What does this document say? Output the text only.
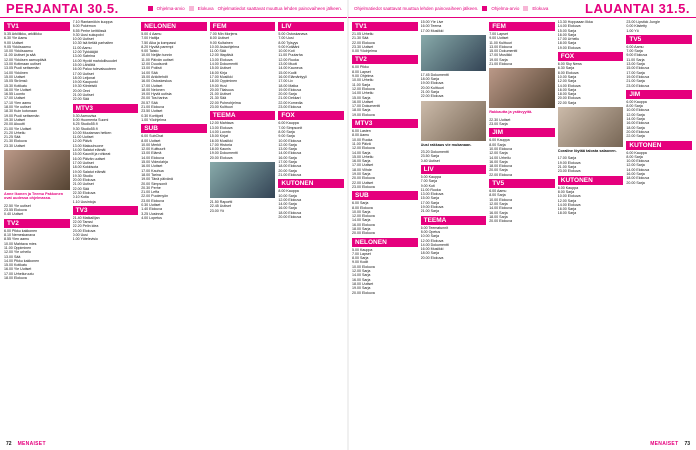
PERJANTAI 30.5.	Ohjelma-arvio	Elokuva Ohjelmatiedot saattavat muuttua lehden painovaiheen jälkeen.
TV1
5.35 Arkiliikku, arkiliikku
6.30 Yle Aamu
9.00 Uutiset
9.05 Ykkösaamu
10.00 Ykkösaamu
11.00 Uutiset ja sää
12.00 Ykkösen aamupäivä
13.00 Kotimaan uutiset
13.05 Puoli seitsemän
14.00 Ykkönen
15.00 Uutiset
15.05 Strömsö
15.30 Kotikatu
16.00 Yle Uutiset
16.55 Luonto
17.00 Uutiset
17.10 Ylen aamu
18.00 Yle uutiset
18.30 Kuin kotonaan
19.00 Puoli seitsemän
19.30 Uutiset
20.00 Akuutti
21.00 Yle Uutiset
21.20 Urheilu
21.25 Sää
21.30 Elokuva
23.30 Uutiset
Anne Ikonen ja Teemu Pakkonen ovat uudessa ohjelmassa.
22.50 Yle uutiset
23.55 Elokuva
0.40 Uutiset
TV2
6.00 Pikku kakkonen
8.10 Nemeskanava
8.55 Ylen aamu
10.00 Mahtava mies
11.00 Oppiminen
12.00 Yle urheilu
13.00 Sää
14.00 Pikku kakkonen
15.00 Kotikatu
16.00 Yle Uutiset
17.00 Urheiluruutu
18.00 Elokuva
7.10 Rantamökin kuoppa
8.00 Pokémon
8.55 Perhe keittiössä
9.30 Uusi sukupolvi
10.00 Uutiset
10.30 Isä tietää parhaiten
11.00 Aamu
12.00 Tykkääjät
13.00 Sabrina
14.00 Hyvät mahdollisuudet
15.00 Lähiöitä
16.00 Paluu tulevaisuuteen
17.00 Uutiset
18.00 Leijonat
19.00 Kaupunki
19.30 Kiinteistö
20.00 Onni
21.00 Uutiset
22.00 Sää
MTV3
5.30 Aamuvisa
6.00 Huomenta Suomi
8.25 Studio55.fi
9.30 Studio55.fi
10.00 Muutaman hetken
11.00 Uutiset
12.00 Päivä
13.00 Makuuhuone
14.00 Salatut elämät
15.00 Kauniit ja rohkeat
16.00 Päivän uutiset
17.00 Uutiset
18.00 Kokkisota
19.00 Salatut elämät
19.30 Studio
20.00 Elokuva
21.00 Uutiset
22.00 Sää
22.30 Elokuva
0.10 Kotia
1.10 Uusintoja
TV3
21.40 Matkailijan
22.00 Tanssi
22.20 Pelin idea
23.00 Elokuva
0.00 Uusi
1.00 Yötelevisio
NELONEN
5.00 4 Aamu
7.00 Haltija
7.50 Aika ja kompassi
8.20 Hyvää parempi
9.00 Taisto
10.00 Neljän tunnin
11.00 Päivän uutiset
12.00 Duudsonit
13.00 Poliisit
14.00 Sää
15.00 Arkkitehdit
16.00 Ostoskeskus
17.00 Uutiset
18.00 Nelonen
19.00 Hyviä uutisia
20.00 Tosi tarina
20.57 Sää
21.00 Elokuva
23.50 Uutiset
0.30 Korttipeli
1.00 Yöohjelma
SUB
6.00 SubChat
8.00 Uutiset
10.00 Merkit
12.00 Kulttuurit
13.00 Elämä
14.00 Elokuva
15.00 Videolahja
16.00 Uutiset
17.00 Kauhua
18.00 Tarina
19.00 Tänä päivänä
20.00 Simpsonit
20.30 Perhe
21.00 Leffa
22.00 Puolenyön
23.00 Elokuva
0.30 Uutiset
1.40 Elokuva
3.25 Uusinnat
4.00 Lopetus
FEM
7.00 Min Morjens
8.00 Uutiset
9.00 Kultainen
10.00 Asiaohjelma
11.00 Sää
12.00 Iltapäivä
13.00 Elokuva
14.00 Dokumentti
15.00 Uutiset
16.00 Kirja
17.00 Musiikki
18.00 Oppiminen
19.00 Huvi
20.00 Tilaisuus
21.00 Uutiset
21.30 Sää
22.00 Puheohjelma
23.00 Kulttuuri
TEEMA
12.00 Mahtava
13.00 Elokuva
14.00 Luonto
15.00 Kirjat
16.00 Musiikki
17.00 Historia
18.00 Kaunis
19.00 Dokumentti
20.00 Elokuva
21.50 Raportti
22.45 Uutiset
23.00 Yö
LIV
5.00 Ostoskanava
7.00 Uusi
8.00 Tylsyys
9.00 Kotiääni
10.00 Koti
11.00 Puutarha
12.00 Ruoka
13.00 Muoti
14.00 Kauneus
15.00 Kodit
16.00 Elämäntyyli
17.00 Liv
18.00 Matka
19.00 Elokuva
20.00 Sarja
21.00 Dekkari
22.00 Komedia
23.00 Elokuva
FOX
6.00 Kauppa
7.00 Simpsonit
8.00 Sarja
9.00 Sarja
10.00 Elokuva
12.00 Sarja
13.00 Sarja
14.00 Elokuva
16.00 Sarja
17.00 Sarja
18.00 Elokuva
20.00 Sarja
21.00 Elokuva
KUTONEN
8.00 Kauppa
10.00 Sarja
12.00 Elokuva
14.00 Sarja
16.00 Sarja
18.00 Elokuva
20.00 Elokuva
72 MENAISET
LAUANTAI 31.5.
Ohjelmatiedot saattavat muuttua lehden painovaiheen jälkeen.	Ohjelma-arvio	Elokuva
TV1
21.05 Urheilu
21.30 Sää
22.00 Elokuva
23.30 Uutiset
0.00 Yöohjelma
TV2
6.00 Pikku
8.00 Lapset
9.00 Ohjelma
10.00 Urheilu
11.00 Sarja
12.00 Elokuva
14.00 Urheilu
15.00 Sarja
16.00 Uutiset
17.00 Dokumentti
18.00 Sarja
19.00 Elokuva
MTV3
6.00 Lasten
8.00 Aamu
10.00 Ruoka
11.00 Päivä
12.00 Elokuva
14.00 Sarja
15.00 Urheilu
16.00 Sarja
17.00 Uutiset
18.00 Viihde
19.00 Sarja
20.00 Elokuva
22.00 Uutiset
23.00 Elokuva
SUB
6.00 Sarja
8.00 Elokuva
10.00 Sarja
12.00 Elokuva
14.00 Sarja
16.00 Elokuva
18.00 Sarja
20.00 Elokuva
NELONEN
5.00 Kauppa
7.00 Lapset
8.00 Sarja
9.00 Kodit
10.00 Elokuva
12.00 Sarja
14.00 Sarja
16.00 Sarja
18.00 Uutiset
19.00 Sarja
20.00 Elokuva
15.00 Yle Live
16.00 Teema
17.00 Musiikki
17.45 Dokumentti
18.00 Sarja
19.00 Elokuva
20.00 Kulttuuri
21.00 Sarja
22.00 Elokuva
Uusi rakkaus vie mukanaan.
23.20 Dokumentti
23.50 Sarja
0.40 Uutiset
LIV
5.00 Kauppa
7.00 Sarja
9.00 Koti
11.00 Ruoka
13.00 Elokuva
15.00 Sarja
17.00 Sarja
19.00 Elokuva
21.00 Sarja
TEEMA
6.00 Teematunnit
8.00 Opetus
10.00 Sarja
12.00 Elokuva
14.00 Dokumentti
16.00 Musiikki
18.00 Sarja
20.00 Elokuva
FEM
7.00 Lapset
9.00 Uutiset
11.00 Kulttuuri
13.00 Elokuva
15.00 Dokumentti
17.00 Musiikki
19.00 Sarja
21.00 Elokuva
Rakkautta ja ystävyyttä.
22.30 Uutiset
23.00 Sarja
JIM
6.00 Kauppa
8.00 Sarja
10.00 Elokuva
12.00 Sarja
14.00 Urheilu
16.00 Sarja
18.00 Elokuva
20.00 Sarja
22.00 Elokuva
TV5
6.00 Aamu
8.00 Sarja
10.00 Elokuva
12.00 Sarja
14.00 Elokuva
16.00 Sarja
18.00 Sarja
20.00 Elokuva
13.30 Hoppaaan Ilkka
14.00 Elokuva
15.00 Sarja
16.00 Sarja
17.00 Urheilu
18.00 Sarja
19.00 Elokuva
FOX
6.00 Sky News
6.30 Sarja
8.00 Elokuva
10.00 Sarja
12.00 Sarja
14.00 Elokuva
16.00 Sarja
18.00 Sarja
20.00 Elokuva
22.00 Sarja
Coraline löytää talosta salaoven.
17.00 Sarja
19.00 Elokuva
21.00 Sarja
23.00 Elokuva
KUTONEN
6.00 Kauppa
8.00 Sarja
10.00 Elokuva
12.00 Sarja
14.00 Elokuva
16.00 Sarja
18.00 Sarja
23.00 Lipstick Jungle
0.00 Kiistetty
1.00 Yö
TV5
6.00 Aamu
7.00 Sarja
9.00 Elokuva
11.00 Sarja
13.00 Sarja
15.00 Elokuva
17.00 Sarja
19.00 Elokuva
21.00 Sarja
23.00 Elokuva
JIM
6.00 Kauppa
8.00 Sarja
10.00 Elokuva
12.00 Sarja
14.00 Sarja
16.00 Elokuva
18.00 Sarja
20.00 Elokuva
22.00 Sarja
KUTONEN
6.00 Kauppa
8.00 Sarja
10.00 Elokuva
12.00 Sarja
14.00 Elokuva
16.00 Sarja
18.00 Elokuva
20.00 Sarja
73
MENAISET
